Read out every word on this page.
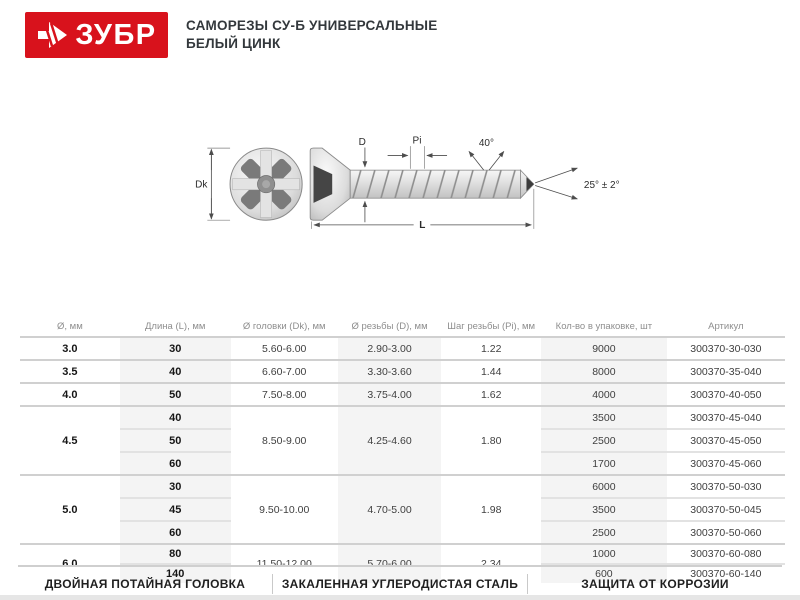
ЗУБР САМОРЕЗЫ СУ-Б УНИВЕРСАЛЬНЫЕ
БЕЛЫЙ ЦИНК
Dk
D	Pi	40°
25° ± 2°
L
Ø, мм	Длина (L), мм	Ø головки (Dk), мм	Ø резьбы (D), мм	Шаг резьбы (Pi), мм	Кол-во в упаковке, шт	Артикул
3.0	30	5.60-6.00	2.90-3.00	1.22	9000	300370-30-030
3.5	40	6.60-7.00	3.30-3.60	1.44	8000	300370-35-040
4.0	50	7.50-8.00	3.75-4.00	1.62	4000	300370-40-050
4.5	40	8.50-9.00	4.25-4.60	1.80	3500	300370-45-040
	50				2500	300370-45-050
	60				1700	300370-45-060
5.0	30	9.50-10.00	4.70-5.00	1.98	6000	300370-50-030
	45				3500	300370-50-045
	60				2500	300370-50-060
6.0	80	11.50-12.00	5.70-6.00	2.34	1000	300370-60-080
	140				600	300370-60-140
ДВОЙНАЯ ПОТАЙНАЯ ГОЛОВКА	ЗАКАЛЕННАЯ УГЛЕРОДИСТАЯ СТАЛЬ	ЗАЩИТА ОТ КОРРОЗИИ
